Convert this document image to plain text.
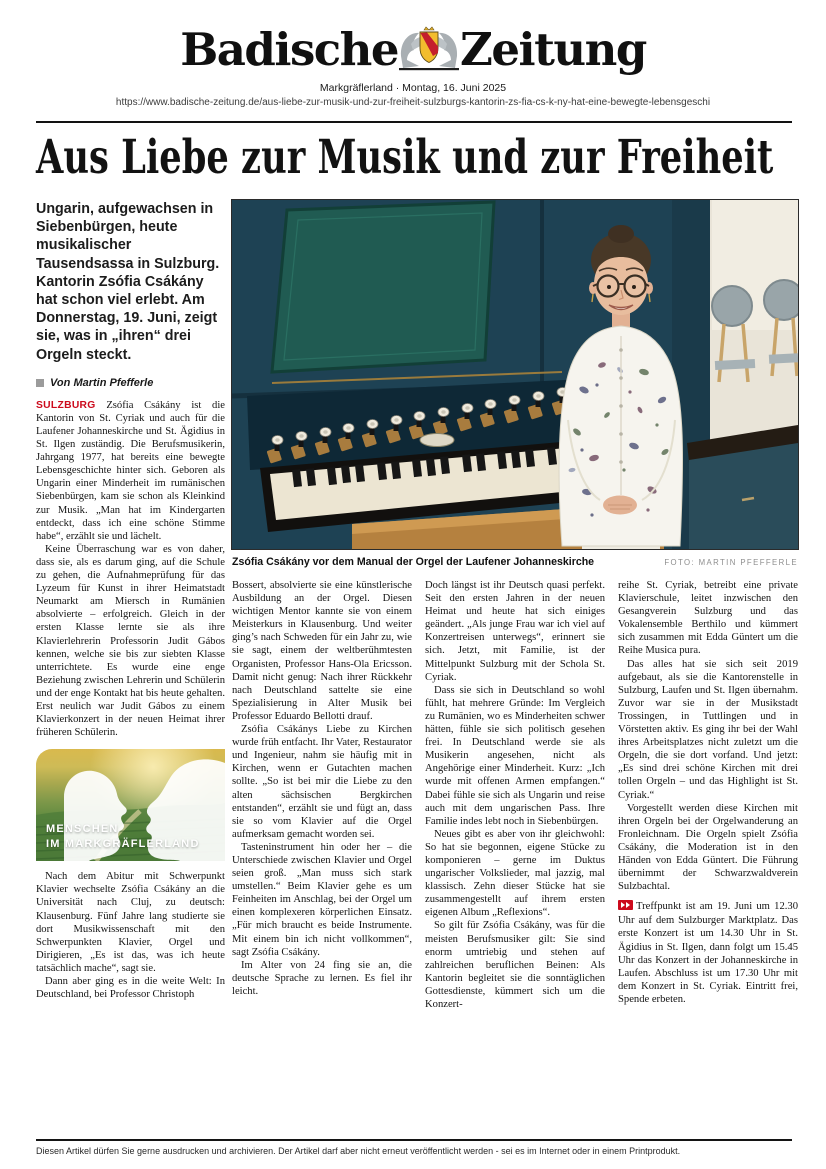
Badische Zeitung
Markgräflerland · Montag, 16. Juni 2025
https://www.badische-zeitung.de/aus-liebe-zur-musik-und-zur-freiheit-sulzburgs-kantorin-zs-fia-cs-k-ny-hat-eine-bewegte-lebensgeschi
Aus Liebe zur Musik und zur Freiheit

Ungarin, aufgewachsen in Siebenbürgen, heute musikalischer Tausendsassa in Sulzburg. Kantorin Zsófia Csákány hat schon viel erlebt. Am Donnerstag, 19. Juni, zeigt sie, was in „ihren“ drei Orgeln steckt.

Von Martin Pfefferle

SULZBURG Zsófia Csákány ist die Kantorin von St. Cyriak und auch für die Laufener Johanneskirche und St. Ägidius in St. Ilgen zuständig. Die Berufsmusikerin, Jahrgang 1977, hat bereits eine bewegte Lebensgeschichte hinter sich. Geboren als Ungarin einer Minderheit im rumänischen Siebenbürgen, kam sie schon als Kleinkind zur Musik. „Man hat im Kindergarten entdeckt, dass ich eine schöne Stimme habe“, erzählt sie und lächelt.

Keine Überraschung war es von daher, dass sie, als es darum ging, auf die Schule zu gehen, die Aufnahmeprüfung für das Lyzeum für Kunst in ihrer Heimatstadt Neumarkt am Miersch in Rumänien absolvierte – erfolgreich. Gleich in der ersten Klasse lernte sie als ihre Klavierlehrerin Professorin Judit Gábos kennen, welche sie bis zur siebten Klasse unterrichtete. Es wurde eine enge Beziehung zwischen Lehrerin und Schülerin und der enge Kontakt hat bis heute gehalten. Erst neulich war Judit Gábos zu einem Klavierkonzert in der neuen Heimat ihrer früheren Schülerin.

MENSCHEN
IM MARKGRÄFLERLAND

Nach dem Abitur mit Schwerpunkt Klavier wechselte Zsófia Csákány an die Universität nach Cluj, zu deutsch: Klausenburg. Fünf Jahre lang studierte sie dort Musikwissenschaft mit den Schwerpunkten Klavier, Orgel und Dirigieren, „Es ist das, was ich heute tatsächlich mache“, sagt sie.

Dann aber ging es in die weite Welt: In Deutschland, bei Professor Christoph

Zsófia Csákány vor dem Manual der Orgel der Laufener Johanneskirche	FOTO: MARTIN PFEFFERLE

Bossert, absolvierte sie eine künstlerische Ausbildung an der Orgel. Diesen wichtigen Mentor kannte sie von einem Meisterkurs in Klausenburg. Und weiter ging’s nach Schweden für ein Jahr zu, wie sie sagt, einem der weltberühmtesten Organisten, Professor Hans-Ola Ericsson. Damit nicht genug: Nach ihrer Rückkehr nach Deutschland sattelte sie eine Spezialisierung in Alter Musik bei Professor Eduardo Bellotti drauf.

Zsófia Csákánys Liebe zu Kirchen wurde früh entfacht. Ihr Vater, Restaurator und Ingenieur, nahm sie häufig mit in Kirchen, wenn er Gutachten machen sollte. „So ist bei mir die Liebe zu den alten sächsischen Bergkirchen entstanden“, erzählt sie und fügt an, dass sie so vom Klavier auf die Orgel aufmerksam gemacht worden sei.

Tasteninstrument hin oder her – die Unterschiede zwischen Klavier und Orgel seien groß. „Man muss sich stark umstellen.“ Beim Klavier gehe es um Feinheiten im Anschlag, bei der Orgel um einen komplexeren körperlichen Einsatz. „Für mich braucht es beide Instrumente. Mit einem bin ich nicht vollkommen“, sagt Zsófia Csákány.

Im Alter von 24 fing sie an, die deutsche Sprache zu lernen. Es fiel ihr leicht.

Doch längst ist ihr Deutsch quasi perfekt. Seit den ersten Jahren in der neuen Heimat und heute hat sich einiges geändert. „Als junge Frau war ich viel auf Konzertreisen unterwegs“, erinnert sie sich. Jetzt, mit Familie, ist der Mittelpunkt Sulzburg mit der Schola St. Cyriak.

Dass sie sich in Deutschland so wohl fühlt, hat mehrere Gründe: Im Vergleich zu Rumänien, wo es Minderheiten schwer hätten, fühle sie sich politisch gesehen frei. In Deutschland werde sie als Musikerin angesehen, nicht als Angehörige einer Minderheit. Kurz: „Ich wurde mit offenen Armen empfangen.“ Dabei fühle sie sich als Ungarin und reise auch mit dem ungarischen Pass. Ihre Familie indes lebt noch in Siebenbürgen.

Neues gibt es aber von ihr gleichwohl: So hat sie begonnen, eigene Stücke zu komponieren – gerne im Duktus ungarischer Volkslieder, mal jazzig, mal klassisch. Zehn dieser Stücke hat sie zusammengestellt auf ihrem ersten eigenen Album „Reflexions“.

So gilt für Zsófia Csákány, was für die meisten Berufsmusiker gilt: Sie sind enorm umtriebig und stehen auf zahlreichen beruflichen Beinen: Als Kantorin begleitet sie die sonntäglichen Gottesdienste, kümmert sich um die Konzert-

reihe St. Cyriak, betreibt eine private Klavierschule, leitet inzwischen den Gesangverein Sulzburg und das Vokalensemble Berthilo und kümmert sich zusammen mit Edda Güntert um die Reihe Musica pura.

Das alles hat sie sich seit 2019 aufgebaut, als sie die Kantorenstelle in Sulzburg, Laufen und St. Ilgen übernahm. Zuvor war sie in der Musikstadt Trossingen, in Tuttlingen und in Vörstetten aktiv. Es ging ihr bei der Wahl ihres Arbeitsplatzes nicht zuletzt um die Orgeln, die sie dort vorfand. Und jetzt: „Es sind drei schöne Kirchen mit drei tollen Orgeln – und das Highlight ist St. Cyriak.“

Vorgestellt werden diese Kirchen mit ihren Orgeln bei der Orgelwanderung an Fronleichnam. Die Orgeln spielt Zsófia Csákány, die Moderation ist in den Händen von Edda Güntert. Die Führung übernimmt der Schwarzwaldverein Sulzbachtal.

Treffpunkt ist am 19. Juni um 12.30 Uhr auf dem Sulzburger Marktplatz. Das erste Konzert ist um 14.30 Uhr in St. Ägidius in St. Ilgen, dann folgt um 15.45 Uhr das Konzert in der Johanneskirche in Laufen. Abschluss ist um 17.30 Uhr mit dem Konzert in St. Cyriak. Eintritt frei, Spende erbeten.

Diesen Artikel dürfen Sie gerne ausdrucken und archivieren. Der Artikel darf aber nicht erneut veröffentlicht werden - sei es im Internet oder in einem Printprodukt.
